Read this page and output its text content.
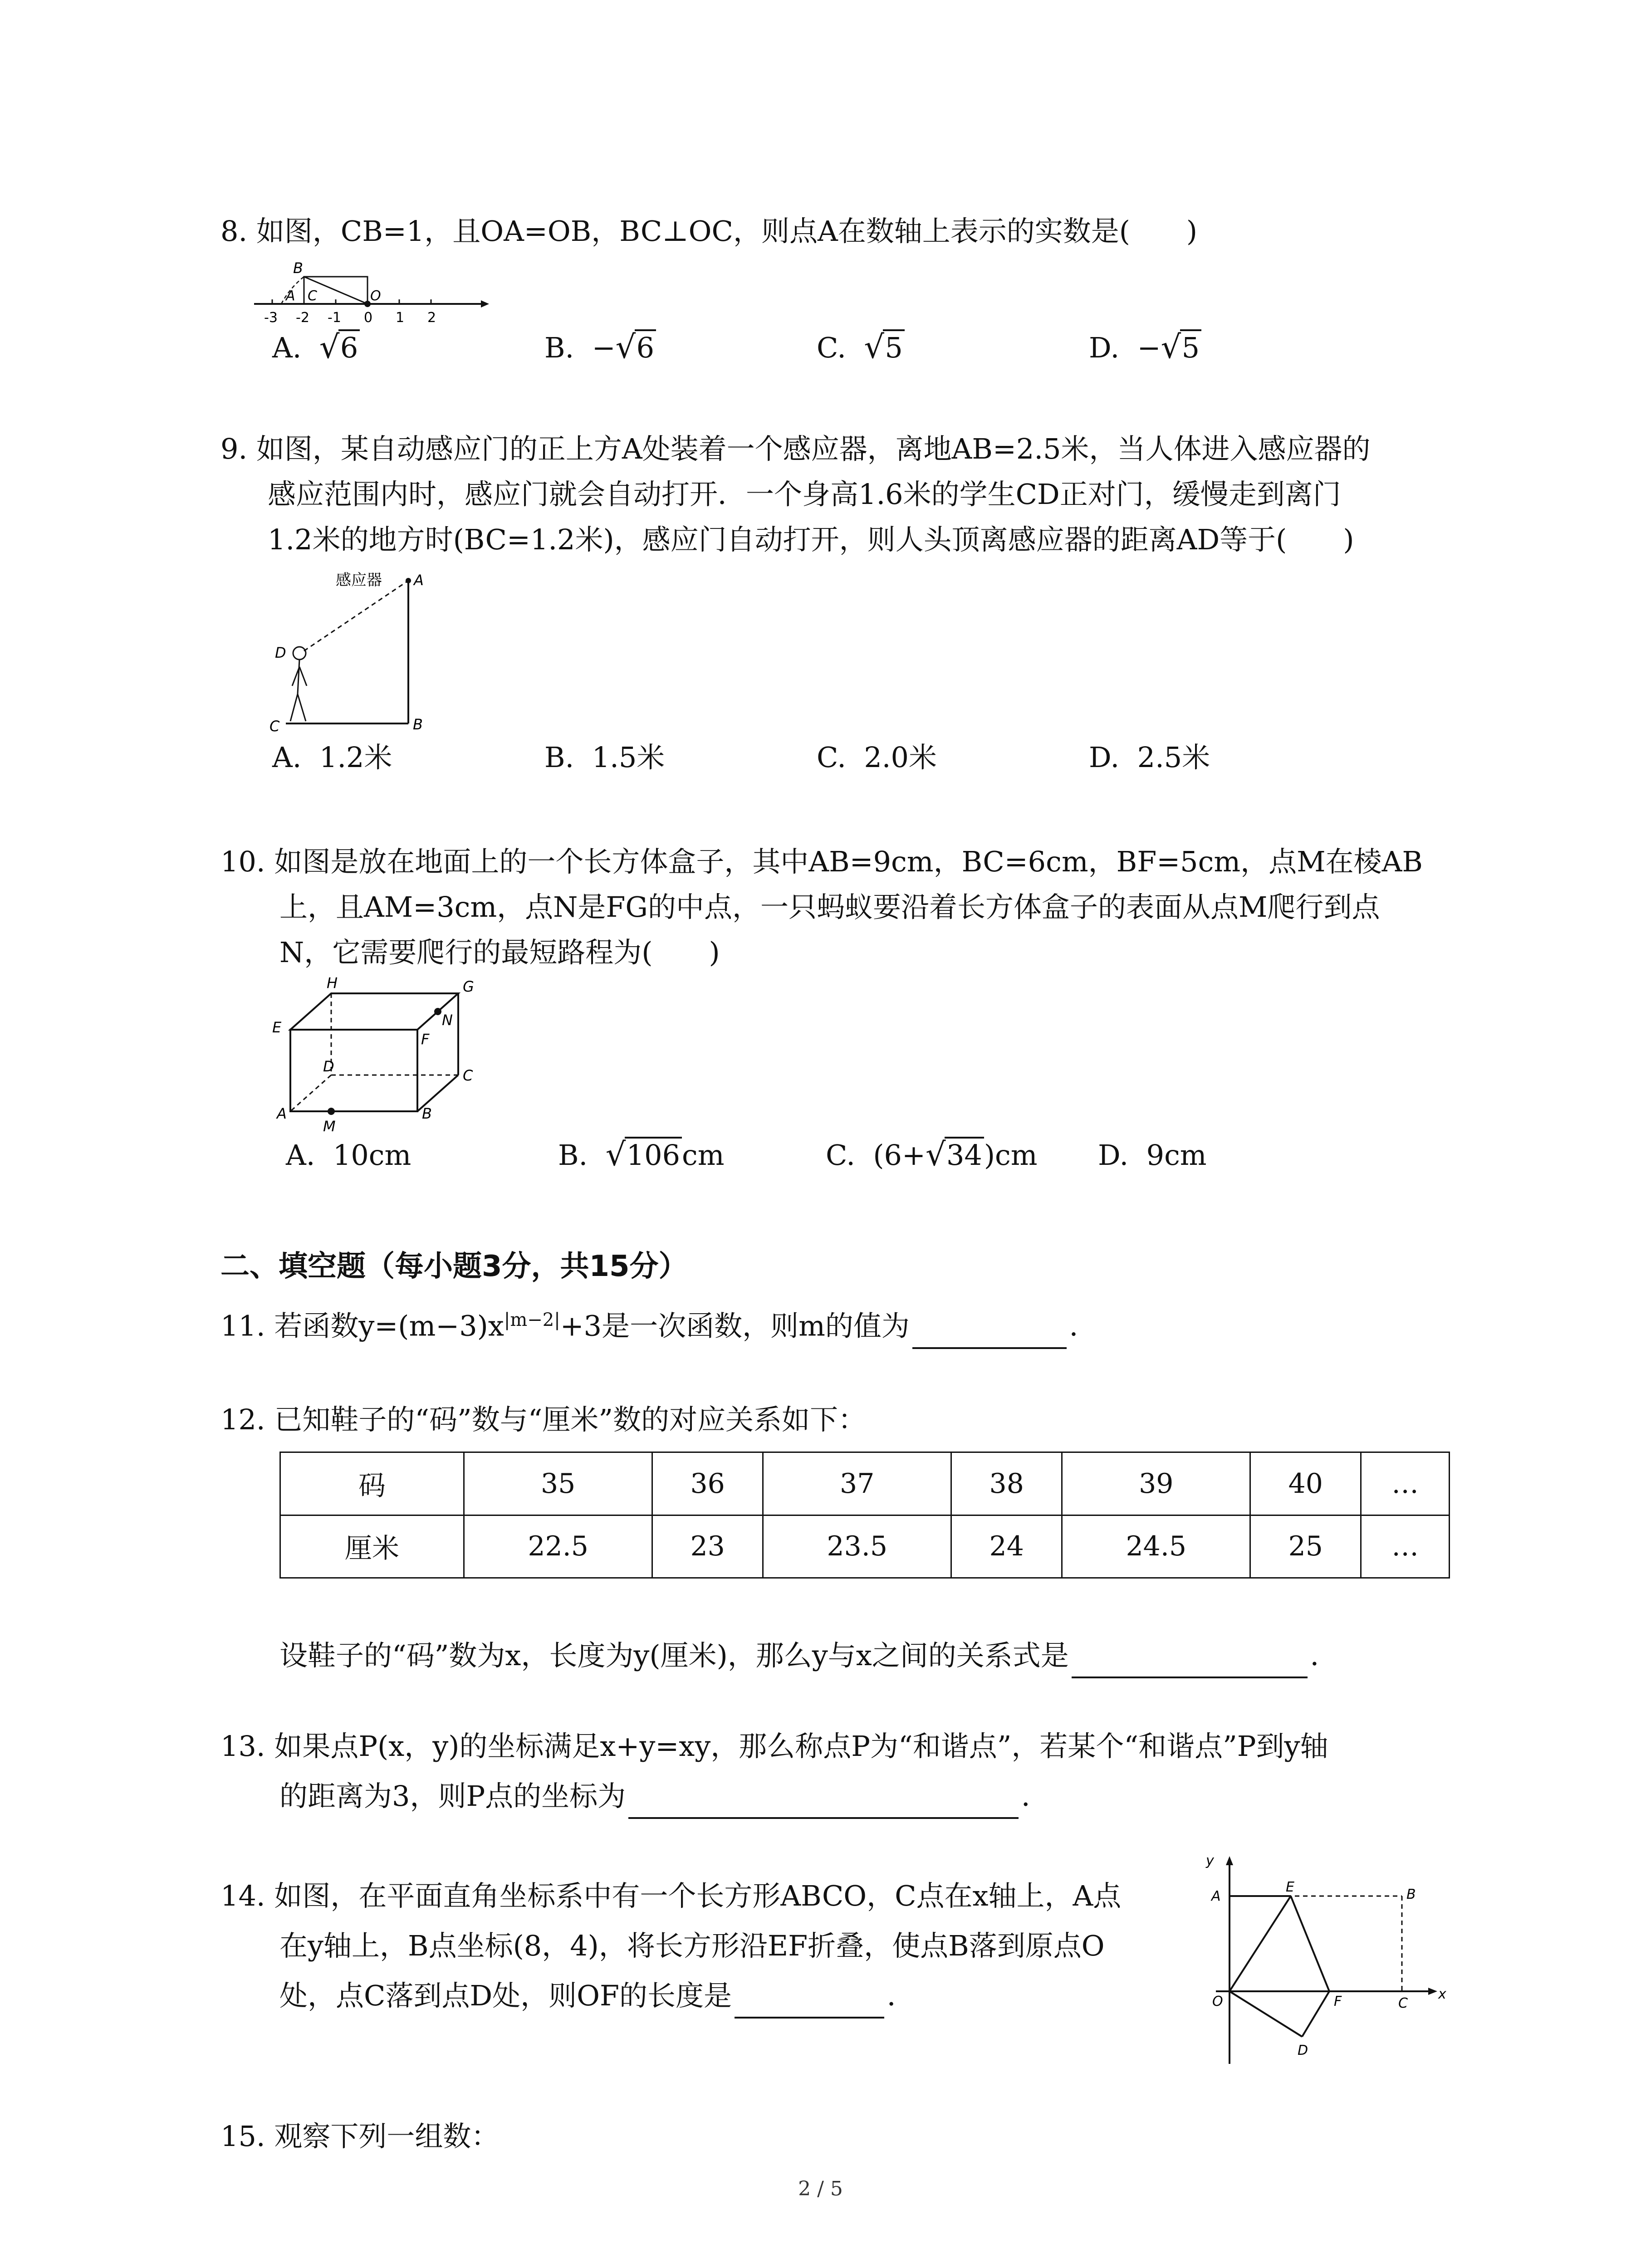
8. 如图，CB=1，且OA=OB，BC⊥OC，则点A在数轴上表示的实数是(　　)
B
A C	O
-3 -2 -1 0 1 2
A. √ 6	B. − √ 6	C. √ 5	D. − √ 5
9. 如图，某自动感应门的正上方A处装着一个感应器，离地AB=2.5米，当人体进入感应器的
感应范围内时，感应门就会自动打开．一个身高1.6米的学生CD正对门，缓慢走到离门
1.2米的地方时(BC=1.2米)，感应门自动打开，则人头顶离感应器的距离AD等于(　　)
感应器 A
B
C
D
A. 1.2米	B. 1.5米	C. 2.0米	D. 2.5米
10. 如图是放在地面上的一个长方体盒子，其中AB=9cm，BC=6cm，BF=5cm，点M在棱AB
上，且AM=3cm，点N是FG的中点，一只蚂蚁要沿着长方体盒子的表面从点M爬行到点
N，它需要爬行的最短路程为(　　)
H	G
E
F
N
D
C
A	B
M
A. 10cm	B. √ 106cm	C. (6+ √ 34)cm D. 9cm
二、填空题（每小题3分，共15分）
11. 若函数$y=(m-3)x^{|m-2|}+3$是一次函数，则m的值为	．
12. 已知鞋子的“码”数与“厘米”数的对应关系如下：
码	35	36	37	38	39	40	…
厘米	22.5	23	23.5	24	24.5	25	…
设鞋子的“码”数为x，长度为y(厘米)，那么y与x之间的关系式是	．
13. 如果点P(x，y)的坐标满足x+y=xy，那么称点P为“和谐点”，若某个“和谐点”P到y轴
的距离为3，则P点的坐标为	．
14. 如图，在平面直角坐标系中有一个长方形ABCO，C点在x轴上，A点
在y轴上，B点坐标(8，4)，将长方形沿EF折叠，使点B落到原点O
处，点C落到点D处，则OF的长度是	．
y
A
E	B
O	F	C
x
D
15. 观察下列一组数：
2 / 5
